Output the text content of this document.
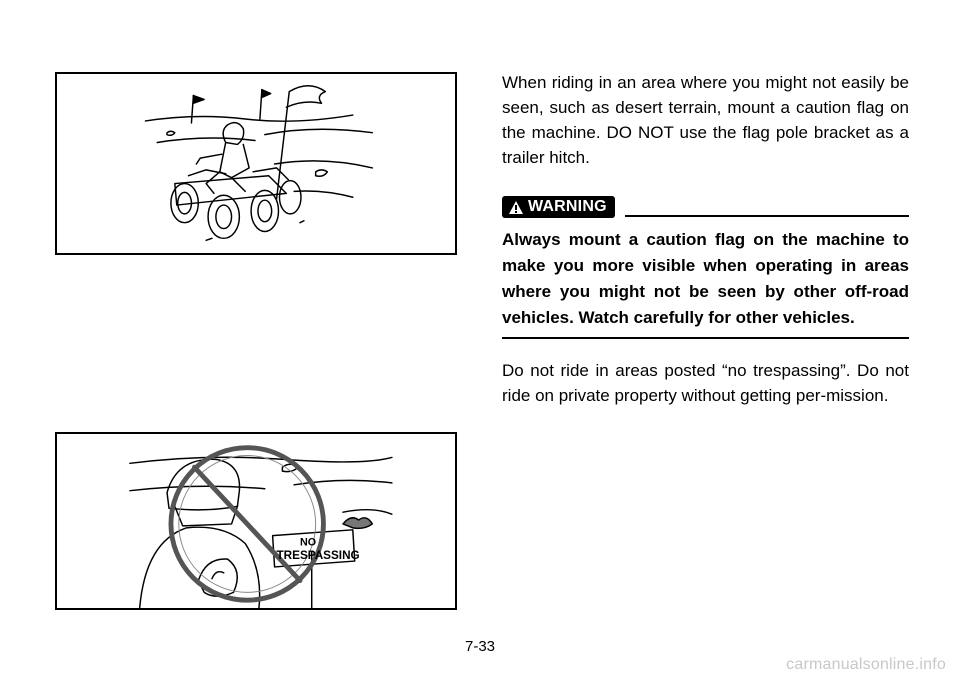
NO
TRESPASSING

When riding in an area where you might not easily be seen, such as desert terrain, mount a caution flag on the machine. DO NOT use the flag pole bracket as a trailer hitch.

WARNING

Always mount a caution flag on the machine to make you more visible when operating in areas where you might not be seen by other off-road vehicles. Watch carefully for other vehicles.

Do not ride in areas posted “no trespassing”. Do not ride on private property without getting per-mission.

7-33
carmanualsonline.info
